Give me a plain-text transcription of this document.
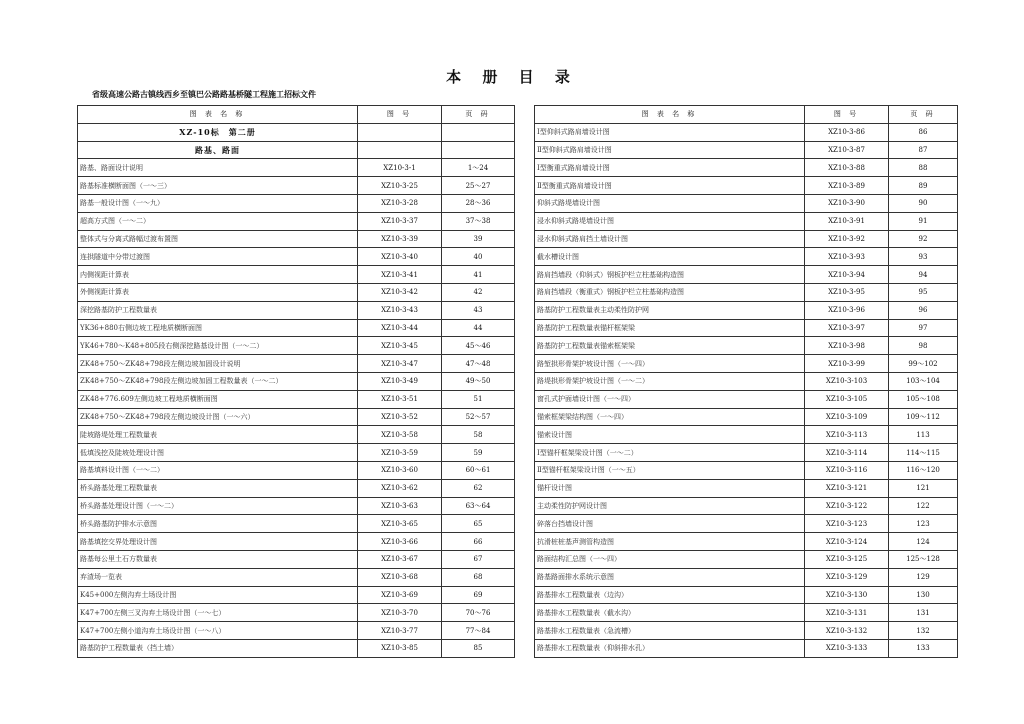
本 册 目 录
省级高速公路古镇线西乡至镇巴公路路基桥隧工程施工招标文件
图 表 名 称	图 号	页 码
XZ-10标　第二册		
路基、路面		
路基、路面设计说明	XZ10-3-1	1～24
路基标准横断面图（一～三）	XZ10-3-25	25～27
路基一般设计图（一～九）	XZ10-3-28	28～36
超高方式图（一～二）	XZ10-3-37	37～38
整体式与分离式路幅过渡布置图	XZ10-3-39	39
连拱隧道中分带过渡图	XZ10-3-40	40
内侧视距计算表	XZ10-3-41	41
外侧视距计算表	XZ10-3-42	42
深挖路基防护工程数量表	XZ10-3-43	43
YK36+880右侧边坡工程地质横断面图	XZ10-3-44	44
YK46+780～K48+805段右侧深挖路基设计图（一～二）	XZ10-3-45	45～46
ZK48+750～ZK48+798段左侧边坡加固设计说明	XZ10-3-47	47～48
ZK48+750～ZK48+798段左侧边坡加固工程数量表（一～二）	XZ10-3-49	49～50
ZK48+776.609左侧边坡工程地质横断面图	XZ10-3-51	51
ZK48+750～ZK48+798段左侧边坡设计图（一～六）	XZ10-3-52	52～57
陡坡路堤处理工程数量表	XZ10-3-58	58
低填浅挖及陡坡处理设计图	XZ10-3-59	59
路基填料设计图（一～二）	XZ10-3-60	60～61
桥头路基处理工程数量表	XZ10-3-62	62
桥头路基处理设计图（一～二）	XZ10-3-63	63～64
桥头路基防护排水示意图	XZ10-3-65	65
路基填挖交界处理设计图	XZ10-3-66	66
路基每公里土石方数量表	XZ10-3-67	67
弃渣场一览表	XZ10-3-68	68
K45+000左侧沟弃土场设计图	XZ10-3-69	69
K47+700左侧三叉沟弃土场设计图（一～七）	XZ10-3-70	70～76
K47+700左侧小道沟弃土场设计图（一～八）	XZ10-3-77	77～84
路基防护工程数量表（挡土墙）	XZ10-3-85	85
图 表 名 称	图 号	页 码
Ⅰ型仰斜式路肩墙设计图	XZ10-3-86	86
Ⅱ型仰斜式路肩墙设计图	XZ10-3-87	87
Ⅰ型衡重式路肩墙设计图	XZ10-3-88	88
Ⅱ型衡重式路肩墙设计图	XZ10-3-89	89
仰斜式路堤墙设计图	XZ10-3-90	90
浸水仰斜式路堤墙设计图	XZ10-3-91	91
浸水仰斜式路肩挡土墙设计图	XZ10-3-92	92
截水槽设计图	XZ10-3-93	93
路肩挡墙段（仰斜式）钢板护栏立柱基础构造图	XZ10-3-94	94
路肩挡墙段（衡重式）钢板护栏立柱基础构造图	XZ10-3-95	95
路基防护工程数量表主动柔性防护网	XZ10-3-96	96
路基防护工程数量表锚杆框架梁	XZ10-3-97	97
路基防护工程数量表锚索框架梁	XZ10-3-98	98
路堑拱形骨架护坡设计图（一～四）	XZ10-3-99	99～102
路堤拱形骨架护坡设计图（一～二）	XZ10-3-103	103～104
窗孔式护面墙设计图（一～四）	XZ10-3-105	105～108
锚索框架梁结构图（一～四）	XZ10-3-109	109～112
锚索设计图	XZ10-3-113	113
Ⅰ型锚杆框架梁设计图（一～二）	XZ10-3-114	114～115
Ⅱ型锚杆框架梁设计图（一～五）	XZ10-3-116	116～120
锚杆设计图	XZ10-3-121	121
主动柔性防护网设计图	XZ10-3-122	122
碎落台挡墙设计图	XZ10-3-123	123
抗滑桩桩基声测管构造图	XZ10-3-124	124
路面结构汇总图（一～四）	XZ10-3-125	125～128
路基路面排水系统示意图	XZ10-3-129	129
路基排水工程数量表（边沟）	XZ10-3-130	130
路基排水工程数量表（截水沟）	XZ10-3-131	131
路基排水工程数量表（急流槽）	XZ10-3-132	132
路基排水工程数量表（仰斜排水孔）	XZ10-3-133	133
